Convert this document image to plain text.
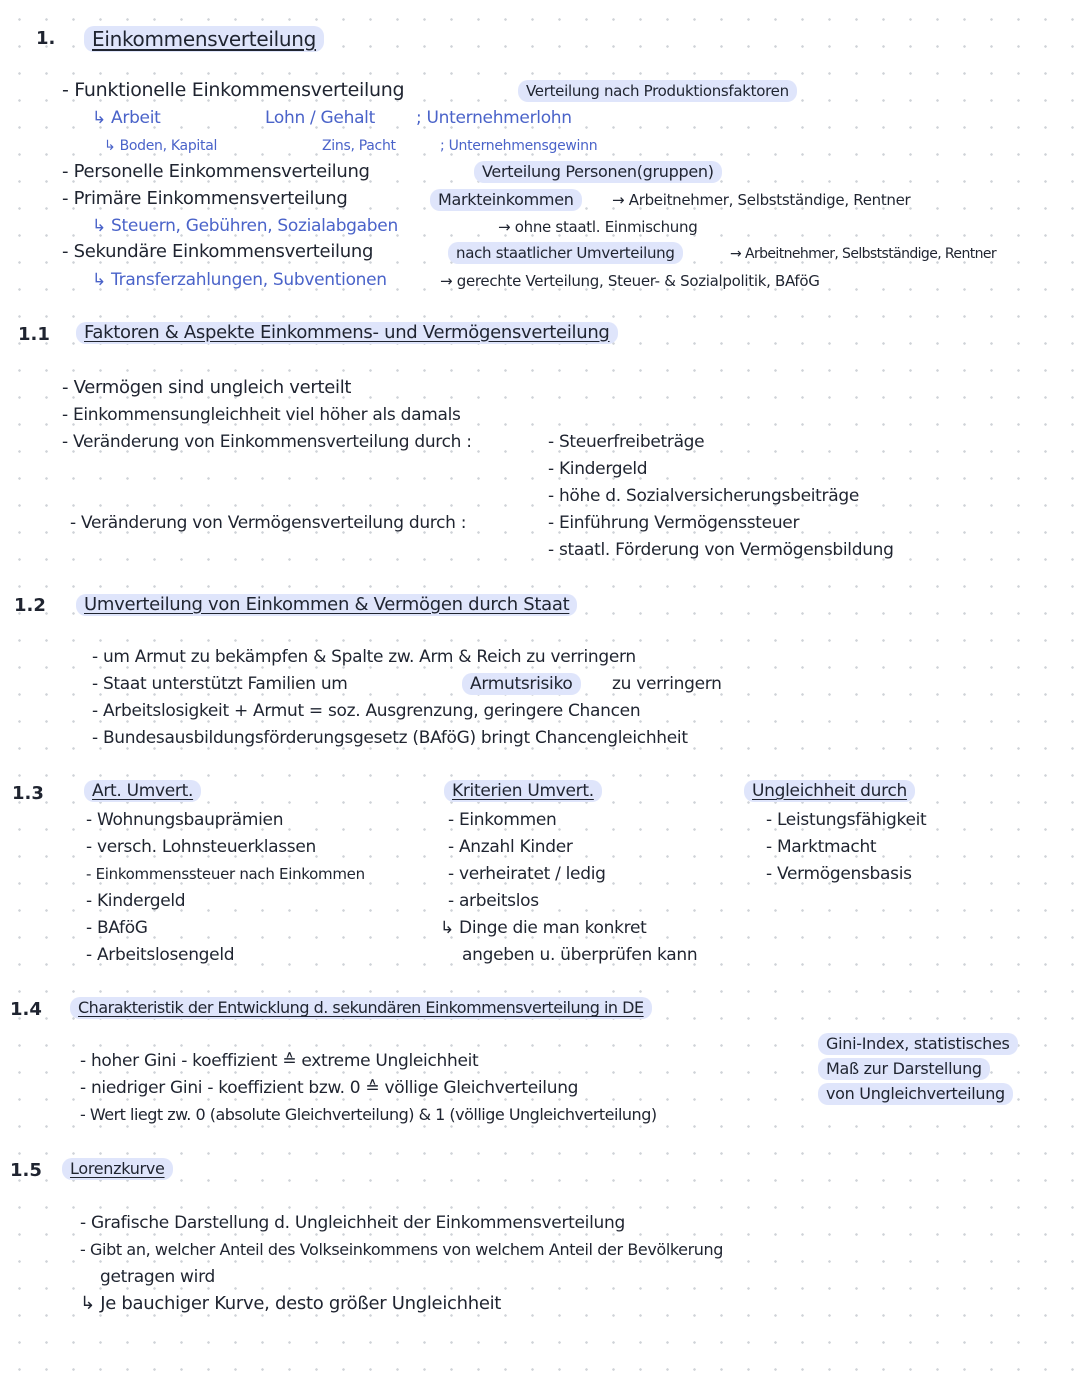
1.	Einkommensverteilung
- Funktionelle Einkommensverteilung	Verteilung nach Produktionsfaktoren
↳ Arbeit	Lohn / Gehalt ; Unternehmerlohn
↳ Boden, Kapital	Zins, Pacht	; Unternehmensgewinn
- Personelle Einkommensverteilung	Verteilung Personen(gruppen)
- Primäre Einkommensverteilung	Markteinkommen	→ Arbeitnehmer, Selbstständige, Rentner
↳ Steuern, Gebühren, Sozialabgaben	→ ohne staatl. Einmischung
- Sekundäre Einkommensverteilung	nach staatlicher Umverteilung	→ Arbeitnehmer, Selbstständige, Rentner
↳ Transferzahlungen, Subventionen	→ gerechte Verteilung, Steuer- & Sozialpolitik, BAföG
1.1	Faktoren & Aspekte Einkommens- und Vermögensverteilung
- Vermögen sind ungleich verteilt
- Einkommensungleichheit viel höher als damals
- Veränderung von Einkommensverteilung durch :	- Steuerfreibeträge
- Kindergeld
- höhe d. Sozialversicherungsbeiträge
- Veränderung von Vermögensverteilung durch :	- Einführung Vermögenssteuer
- staatl. Förderung von Vermögensbildung
1.2	Umverteilung von Einkommen & Vermögen durch Staat
- um Armut zu bekämpfen & Spalte zw. Arm & Reich zu verringern
- Staat unterstützt Familien um	Armutsrisiko	zu verringern
- Arbeitslosigkeit + Armut = soz. Ausgrenzung, geringere Chancen
- Bundesausbildungsförderungsgesetz (BAföG) bringt Chancengleichheit
1.3	Art. Umvert.
- Wohnungsbauprämien
- versch. Lohnsteuerklassen
- Einkommenssteuer nach Einkommen
- Kindergeld
- BAföG
- Arbeitslosengeld
Kriterien Umvert.
- Einkommen
- Anzahl Kinder
- verheiratet / ledig
- arbeitslos
↳ Dinge die man konkret
angeben u. überprüfen kann
Ungleichheit durch
- Leistungsfähigkeit
- Marktmacht
- Vermögensbasis
1.4	Charakteristik der Entwicklung d. sekundären Einkommensverteilung in DE
Gini-Index, statistisches
Maß zur Darstellung
von Ungleichverteilung
- hoher Gini - koeffizient ≙ extreme Ungleichheit
- niedriger Gini - koeffizient bzw. 0 ≙ völlige Gleichverteilung
- Wert liegt zw. 0 (absolute Gleichverteilung) & 1 (völlige Ungleichverteilung)
1.5	Lorenzkurve
- Grafische Darstellung d. Ungleichheit der Einkommensverteilung
- Gibt an, welcher Anteil des Volkseinkommens von welchem Anteil der Bevölkerung
getragen wird
↳ Je bauchiger Kurve, desto größer Ungleichheit
